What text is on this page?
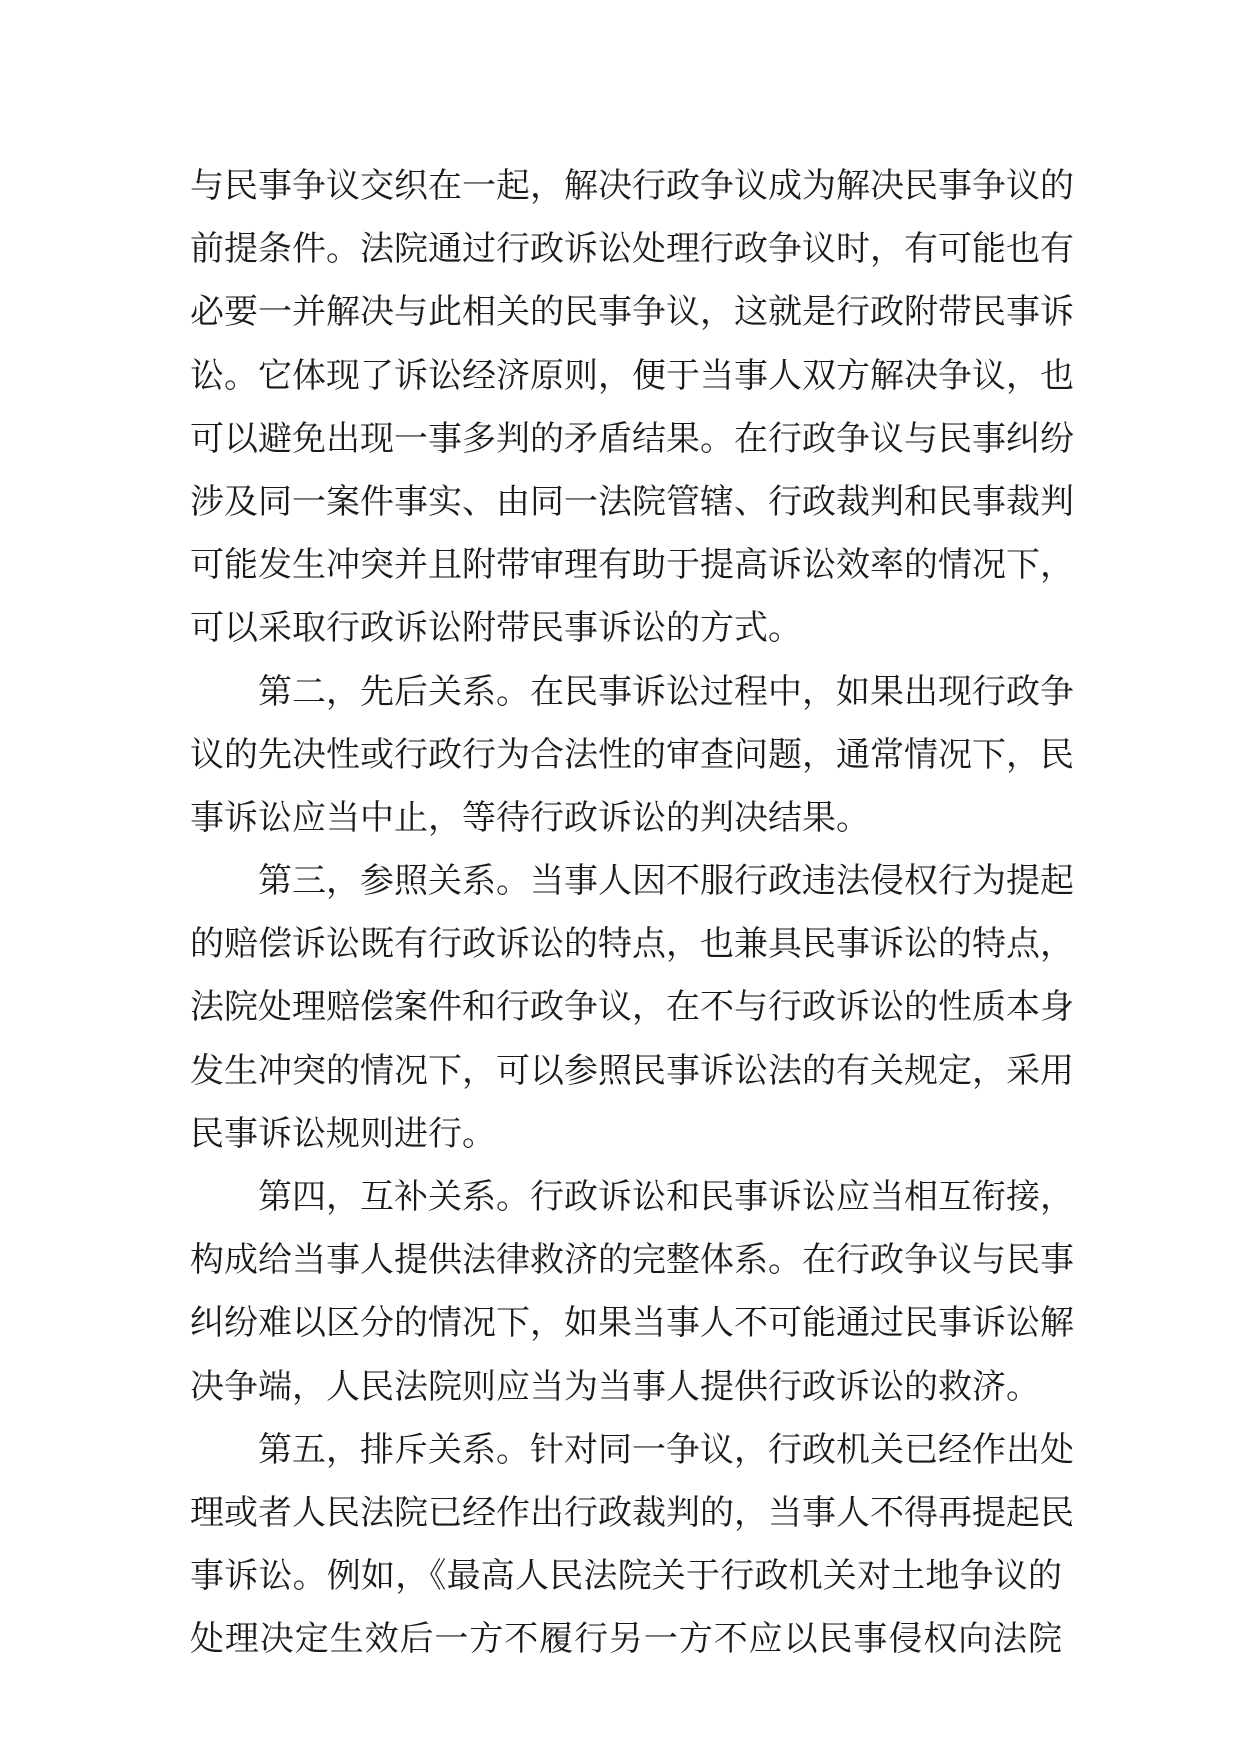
与民事争议交织在一起，解决行政争议成为解决民事争议的
前提条件。法院通过行政诉讼处理行政争议时，有可能也有
必要一并解决与此相关的民事争议，这就是行政附带民事诉
讼。它体现了诉讼经济原则，便于当事人双方解决争议，也
可以避免出现一事多判的矛盾结果。在行政争议与民事纠纷
涉及同一案件事实、由同一法院管辖、行政裁判和民事裁判
可能发生冲突并且附带审理有助于提高诉讼效率的情况下，
可以采取行政诉讼附带民事诉讼的方式。
第二，先后关系。在民事诉讼过程中，如果出现行政争
议的先决性或行政行为合法性的审查问题，通常情况下，民
事诉讼应当中止，等待行政诉讼的判决结果。
第三，参照关系。当事人因不服行政违法侵权行为提起
的赔偿诉讼既有行政诉讼的特点，也兼具民事诉讼的特点，
法院处理赔偿案件和行政争议，在不与行政诉讼的性质本身
发生冲突的情况下，可以参照民事诉讼法的有关规定，采用
民事诉讼规则进行。
第四，互补关系。行政诉讼和民事诉讼应当相互衔接，
构成给当事人提供法律救济的完整体系。在行政争议与民事
纠纷难以区分的情况下，如果当事人不可能通过民事诉讼解
决争端，人民法院则应当为当事人提供行政诉讼的救济。
第五，排斥关系。针对同一争议，行政机关已经作出处
理或者人民法院已经作出行政裁判的，当事人不得再提起民
事诉讼。例如，《最高人民法院关于行政机关对土地争议的
处理决定生效后一方不履行另一方不应以民事侵权向法院
